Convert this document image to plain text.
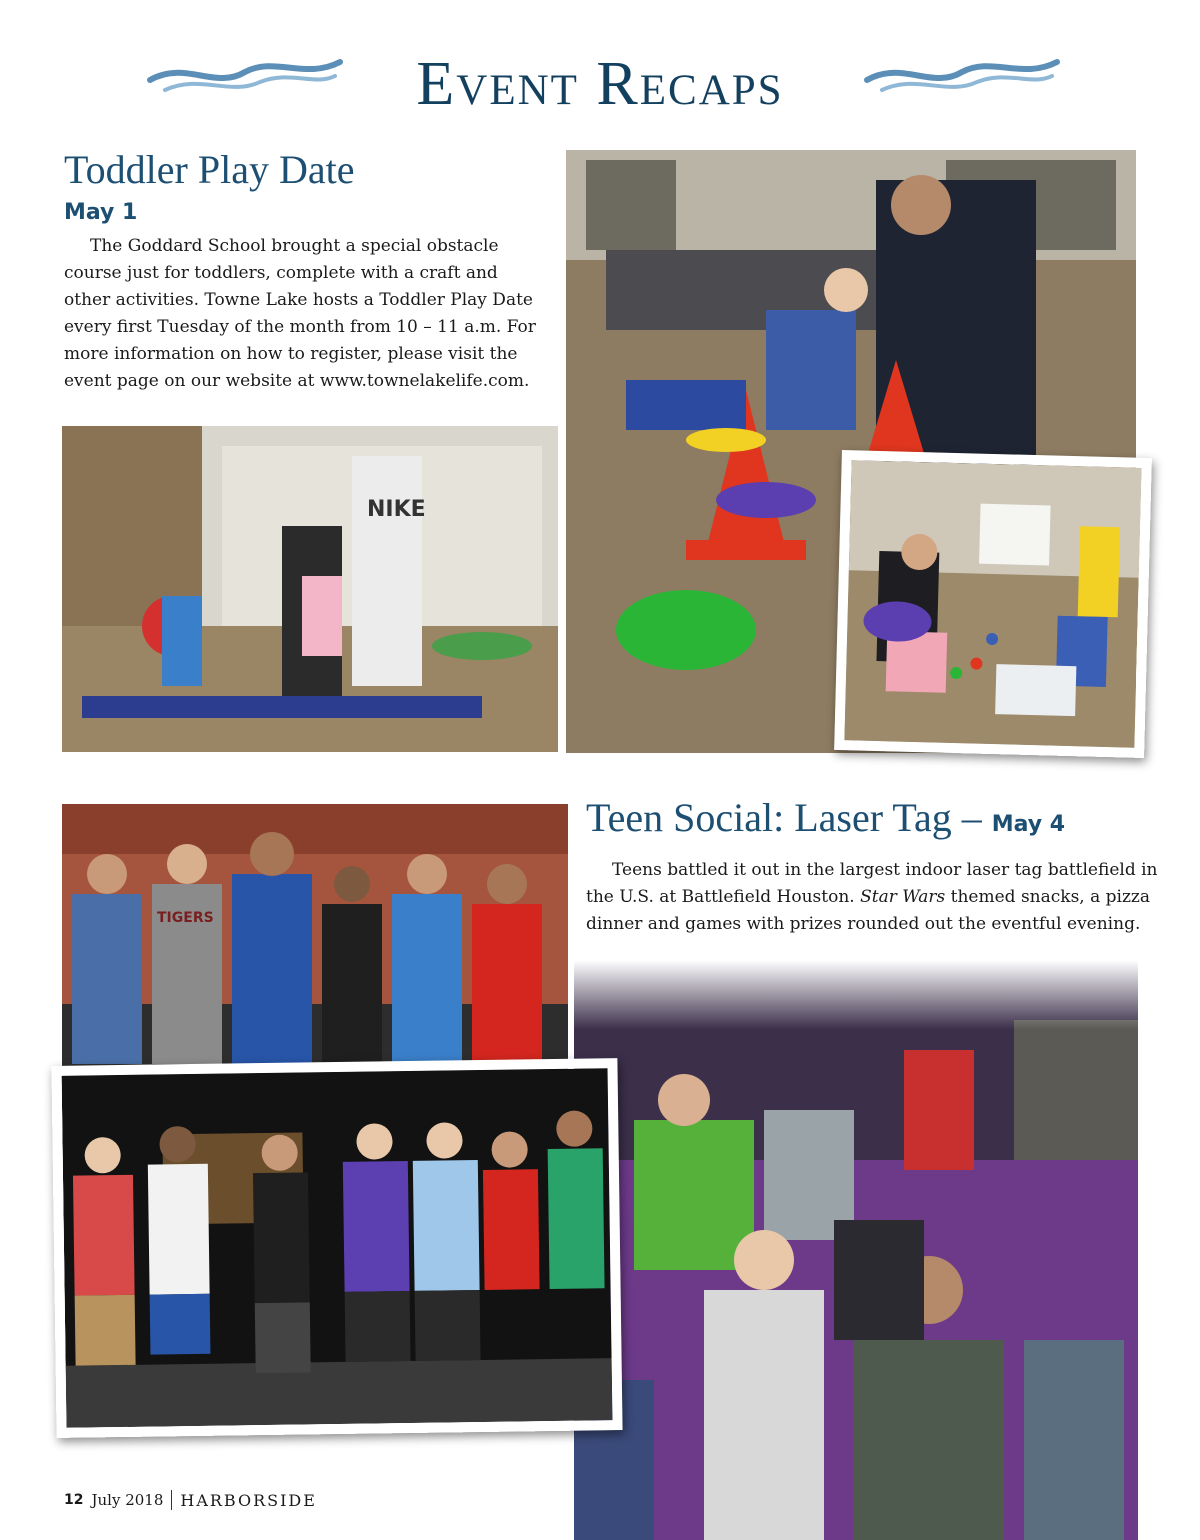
Event Recaps
Toddler Play Date
May 1

The Goddard School brought a special obstacle course just for toddlers, complete with a craft and other activities. Towne Lake hosts a Toddler Play Date every first Tuesday of the month from 10 – 11 a.m. For more information on how to register, please visit the event page on our website at www.townelakelife.com.

NIKE
Teen Social: Laser Tag – May 4

Teens battled it out in the largest indoor laser tag battlefield in the U.S. at Battlefield Houston. Star Wars themed snacks, a pizza dinner and games with prizes rounded out the eventful evening.

TIGERS
12 July 2018 HARBORSIDE
